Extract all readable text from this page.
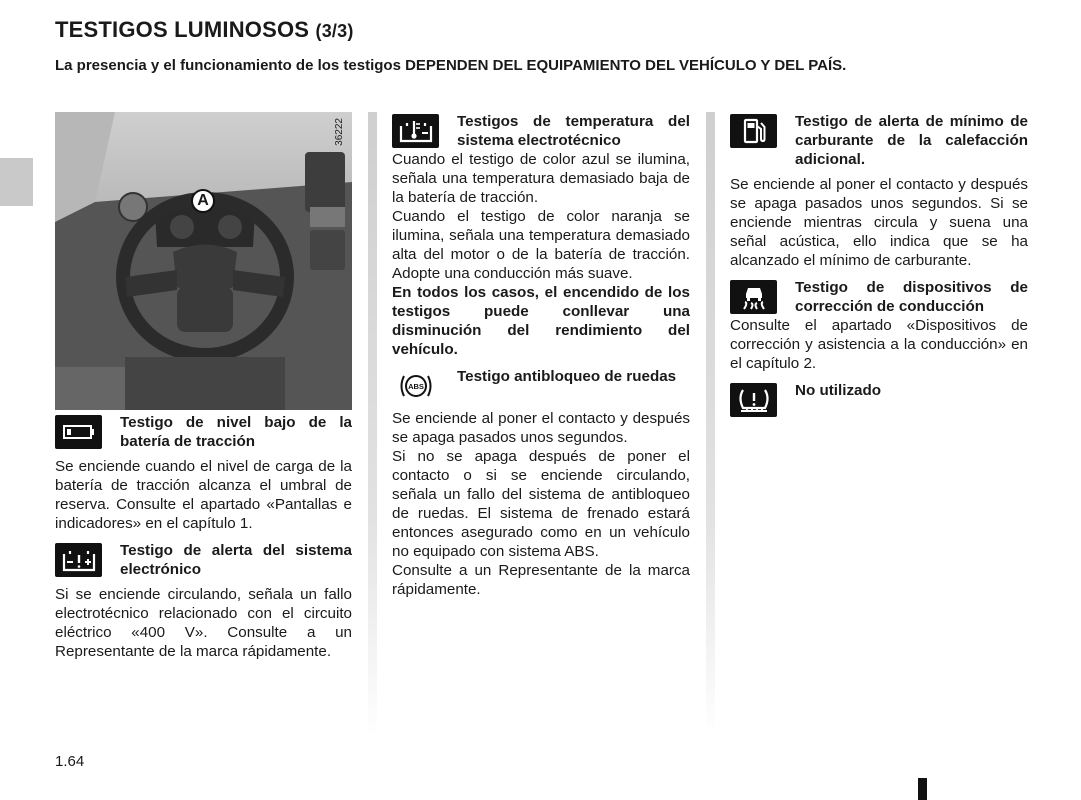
TESTIGOS LUMINOSOS (3/3)

La presencia y el funcionamiento de los testigos DEPENDEN DEL EQUIPAMIENTO DEL VEHÍCULO Y DEL PAÍS.

36222
A
Testigo de nivel bajo de la batería de tracción

Se enciende cuando el nivel de carga de la batería de tracción alcanza el umbral de reserva. Consulte el apartado «Pantallas e indicadores» en el capítulo 1.

Testigo de alerta del sistema electrónico

Si se enciende circulando, señala un fallo electrotécnico relacionado con el circuito eléctrico «400 V». Consulte a un Representante de la marca rápidamente.

Testigos de temperatura del sistema electrotécnico

Cuando el testigo de color azul se ilumina, señala una temperatura demasiado baja de la batería de tracción.

Cuando el testigo de color naranja se ilumina, señala una temperatura demasiado alta del motor o de la batería de tracción. Adopte una conducción más suave.

En todos los casos, el encendido de los testigos puede conllevar una disminución del rendimiento del vehículo.

ABS
Testigo antibloqueo de ruedas

Se enciende al poner el contacto y después se apaga pasados unos segundos.

Si no se apaga después de poner el contacto o si se enciende circulando, señala un fallo del sistema de antibloqueo de ruedas. El sistema de frenado estará entonces asegurado como en un vehículo no equipado con sistema ABS.

Consulte a un Representante de la marca rápidamente.

Testigo de alerta de mínimo de carburante de la calefacción adicional.

Se enciende al poner el contacto y después se apaga pasados unos segundos. Si se enciende mientras circula y suena una señal acústica, ello indica que se ha alcanzado el mínimo de carburante.

Testigo de dispositivos de corrección de conducción

Consulte el apartado «Dispositivos de corrección y asistencia a la conducción» en el capítulo 2.

No utilizado
1.64
